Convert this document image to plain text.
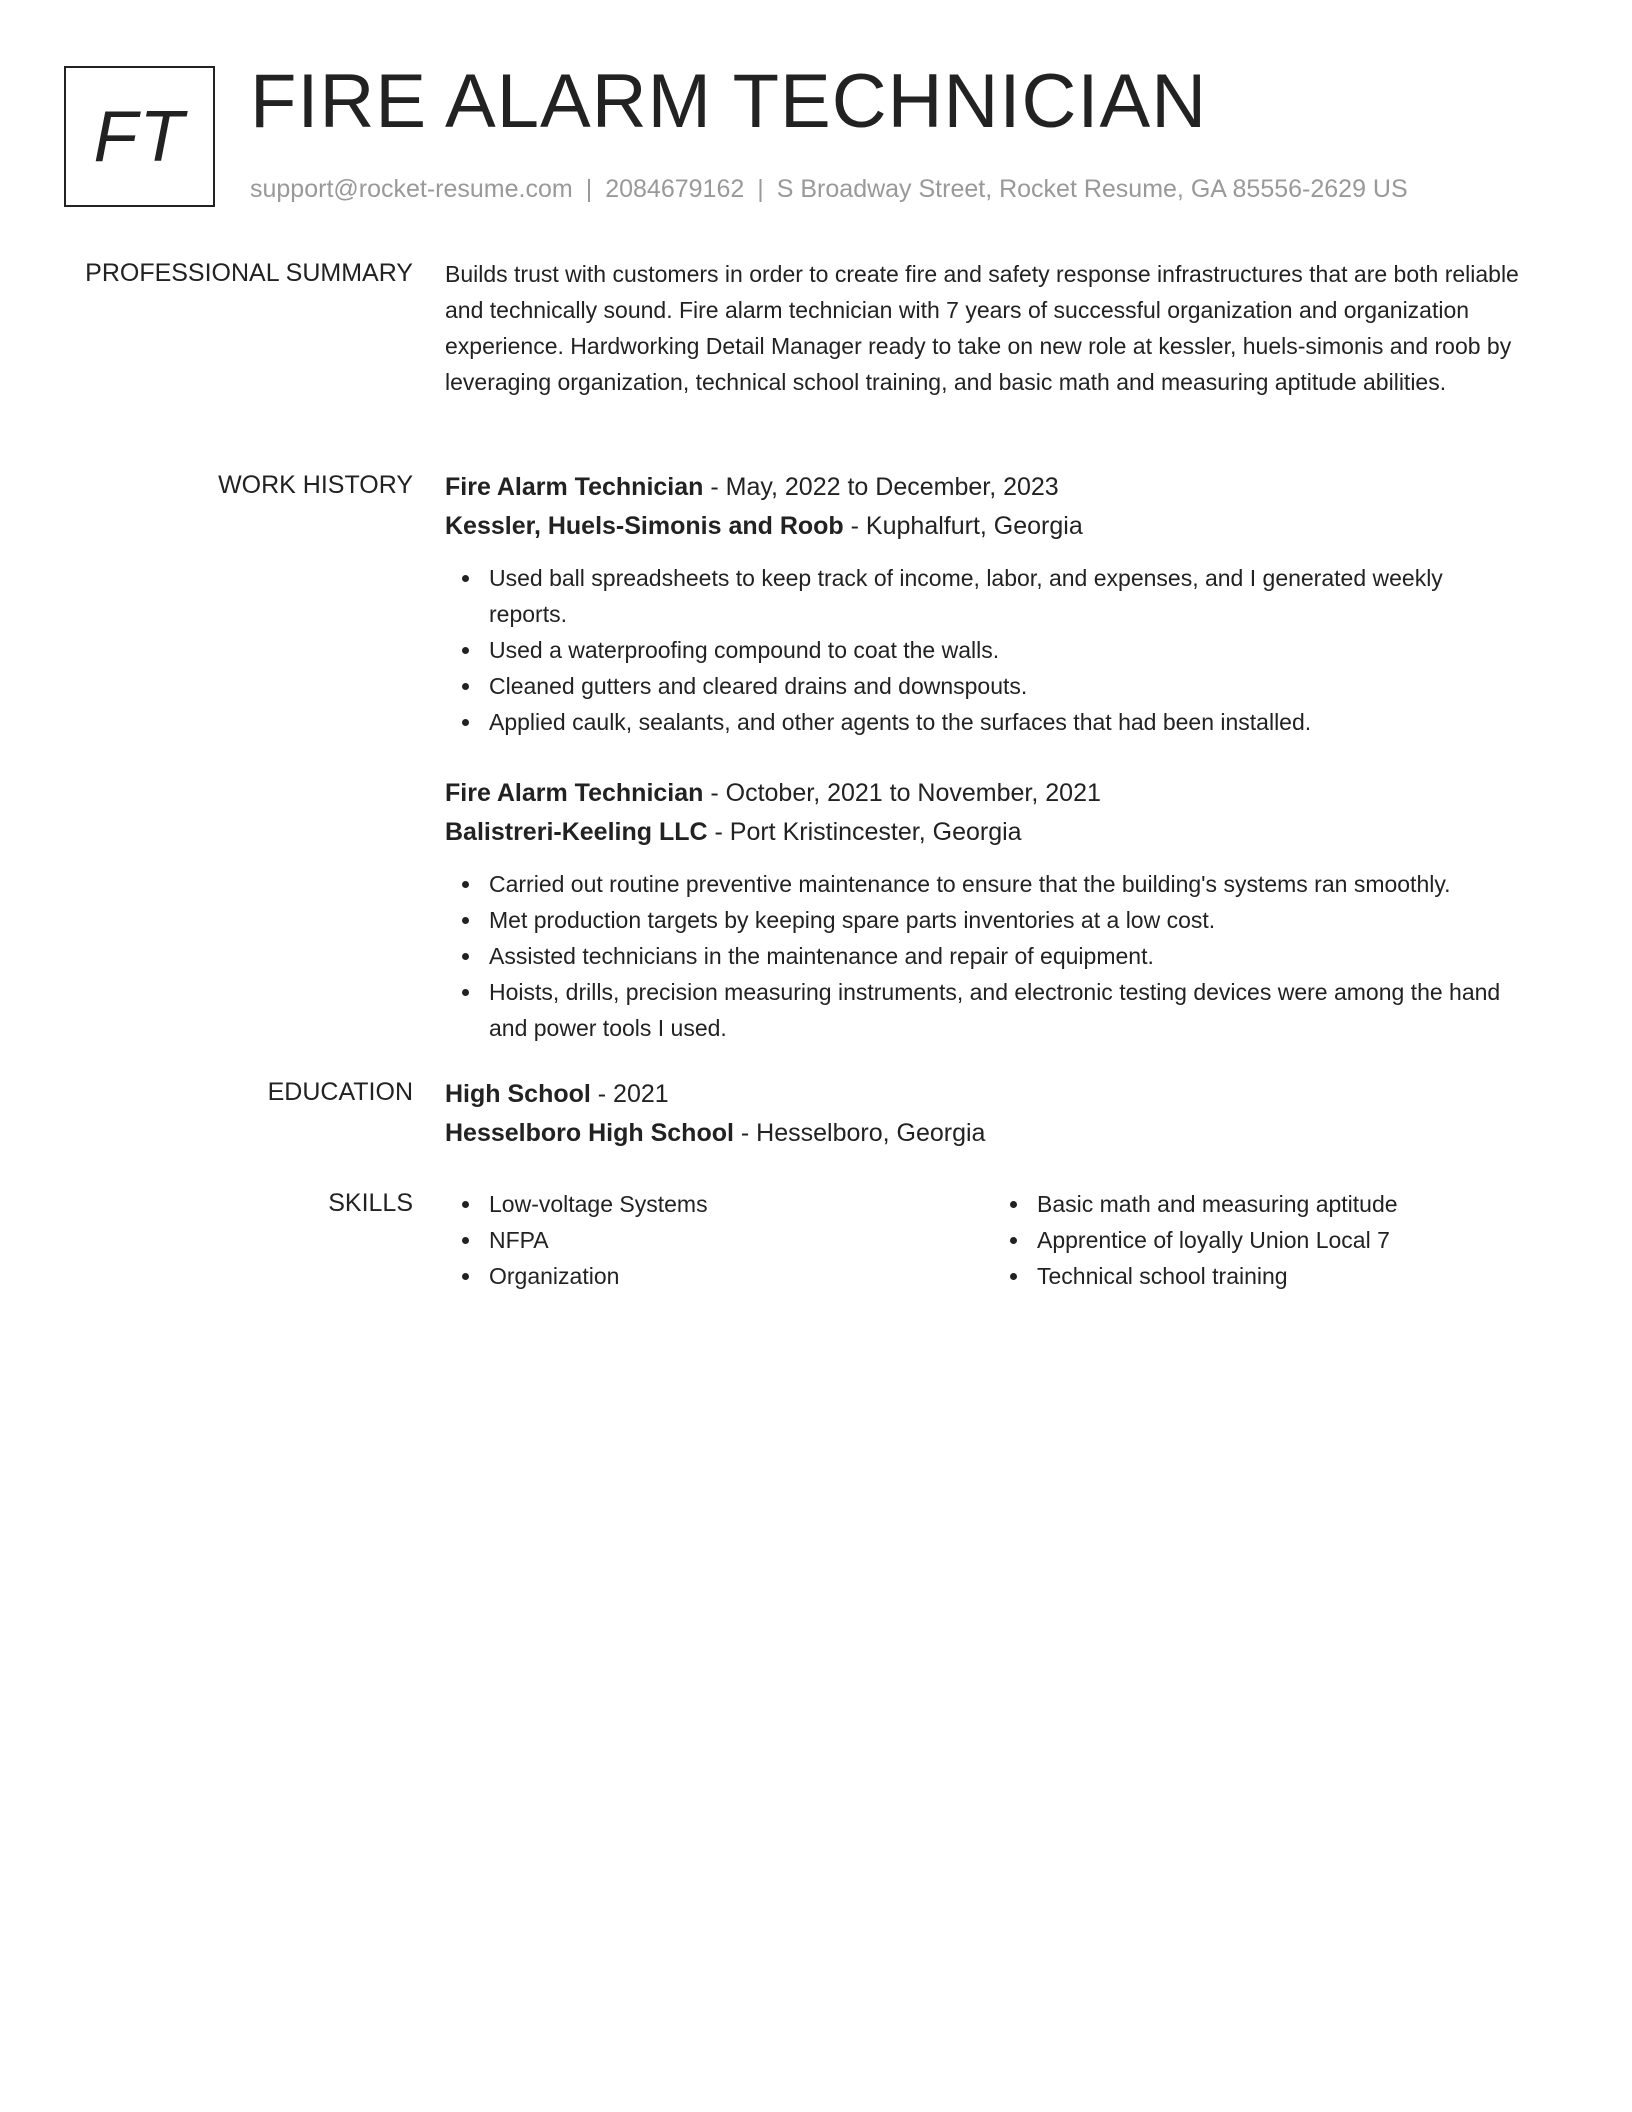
FT FIRE ALARM TECHNICIAN
support@rocket-resume.com | 2084679162 | S Broadway Street, Rocket Resume, GA 85556-2629 US
PROFESSIONAL SUMMARY Builds trust with customers in order to create fire and safety response infrastructures that are both reliable and technically sound. Fire alarm technician with 7 years of successful organization and organization experience. Hardworking Detail Manager ready to take on new role at kessler, huels-simonis and roob by leveraging organization, technical school training, and basic math and measuring aptitude abilities.

WORK HISTORY Fire Alarm Technician - May, 2022 to December, 2023
Kessler, Huels-Simonis and Roob - Kuphalfurt, Georgia
Used ball spreadsheets to keep track of income, labor, and expenses, and I generated weekly reports.
Used a waterproofing compound to coat the walls.
Cleaned gutters and cleared drains and downspouts.
Applied caulk, sealants, and other agents to the surfaces that had been installed.
Fire Alarm Technician - October, 2021 to November, 2021
Balistreri-Keeling LLC - Port Kristincester, Georgia
Carried out routine preventive maintenance to ensure that the building's systems ran smoothly.
Met production targets by keeping spare parts inventories at a low cost.
Assisted technicians in the maintenance and repair of equipment.
Hoists, drills, precision measuring instruments, and electronic testing devices were among the hand and power tools I used.
EDUCATION High School - 2021
Hesselboro High School - Hesselboro, Georgia
SKILLS	Low-voltage Systems
NFPA
Organization
Basic math and measuring aptitude
Apprentice of loyally Union Local 7
Technical school training
